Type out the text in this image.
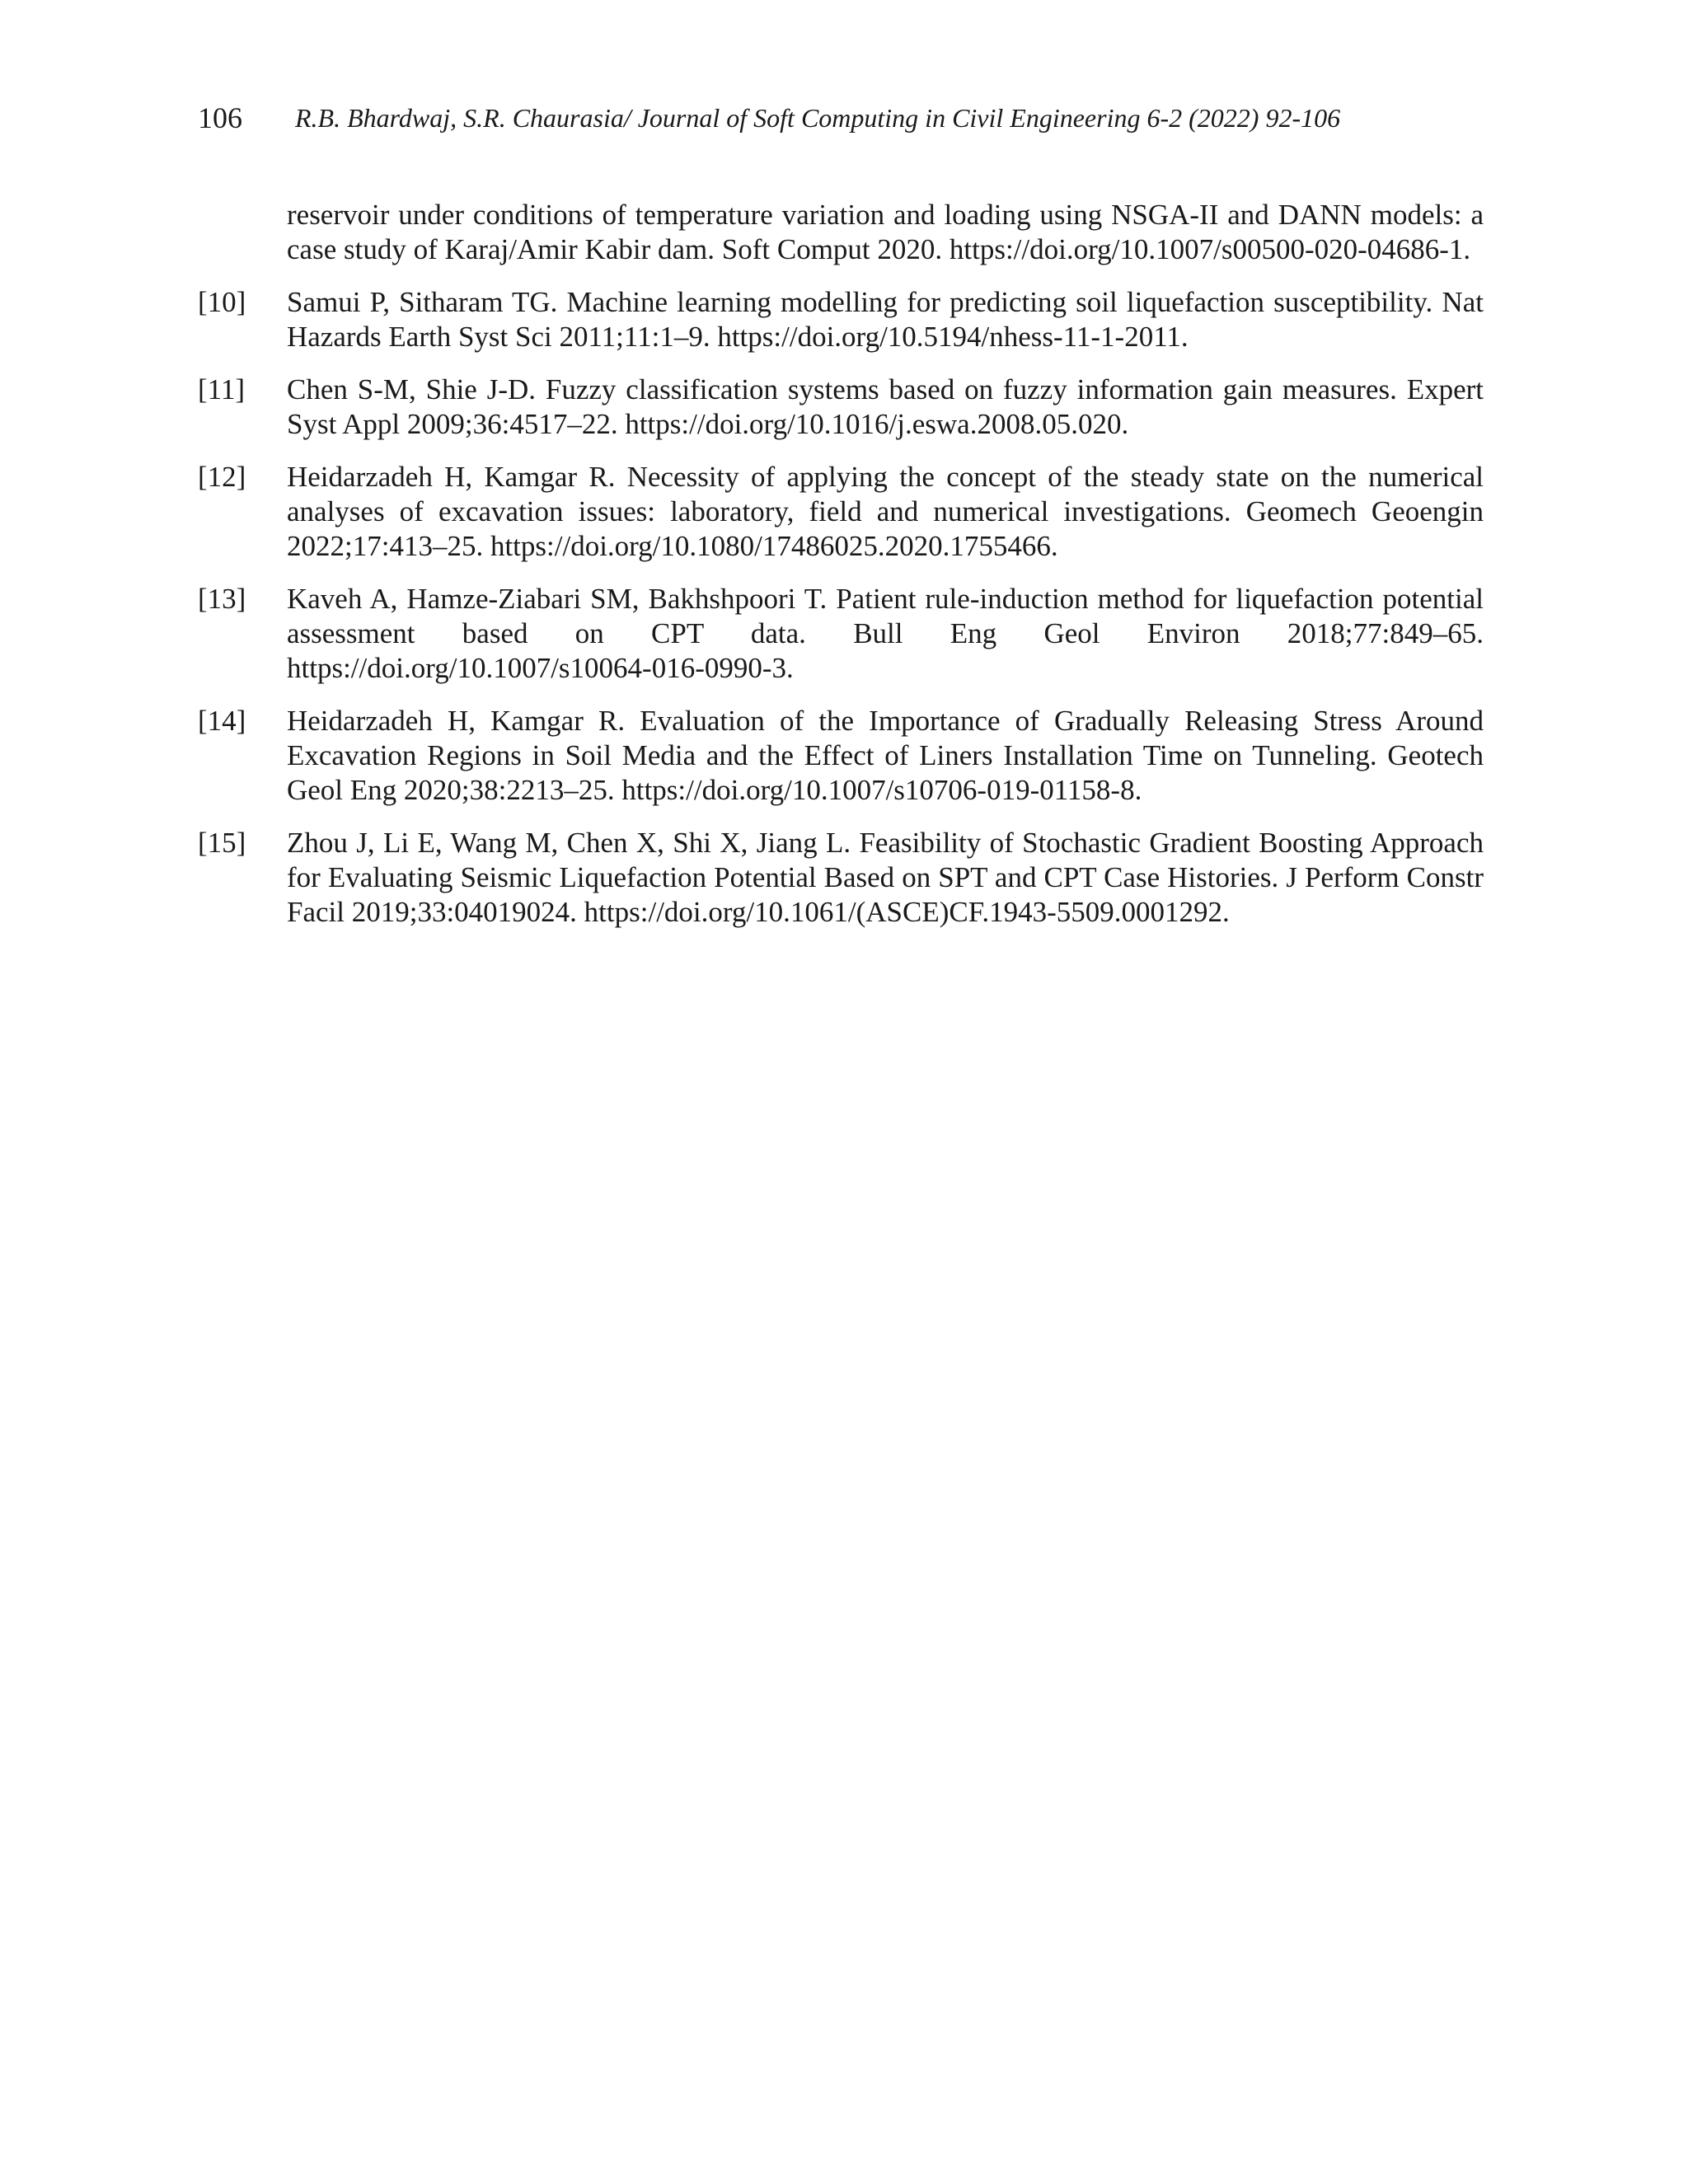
106 R.B. Bhardwaj, S.R. Chaurasia/ Journal of Soft Computing in Civil Engineering 6-2 (2022) 92-106
reservoir under conditions of temperature variation and loading using NSGA-II and DANN models: a case study of Karaj/Amir Kabir dam. Soft Comput 2020. https://doi.org/10.1007/s00500-020-04686-1.
[10] Samui P, Sitharam TG. Machine learning modelling for predicting soil liquefaction susceptibility. Nat Hazards Earth Syst Sci 2011;11:1–9. https://doi.org/10.5194/nhess-11-1-2011.
[11] Chen S-M, Shie J-D. Fuzzy classification systems based on fuzzy information gain measures. Expert Syst Appl 2009;36:4517–22. https://doi.org/10.1016/j.eswa.2008.05.020.
[12] Heidarzadeh H, Kamgar R. Necessity of applying the concept of the steady state on the numerical analyses of excavation issues: laboratory, field and numerical investigations. Geomech Geoengin 2022;17:413–25. https://doi.org/10.1080/17486025.2020.1755466.
[13] Kaveh A, Hamze-Ziabari SM, Bakhshpoori T. Patient rule-induction method for liquefaction potential assessment based on CPT data. Bull Eng Geol Environ 2018;77:849–65. https://doi.org/10.1007/s10064-016-0990-3.
[14] Heidarzadeh H, Kamgar R. Evaluation of the Importance of Gradually Releasing Stress Around Excavation Regions in Soil Media and the Effect of Liners Installation Time on Tunneling. Geotech Geol Eng 2020;38:2213–25. https://doi.org/10.1007/s10706-019-01158-8.
[15] Zhou J, Li E, Wang M, Chen X, Shi X, Jiang L. Feasibility of Stochastic Gradient Boosting Approach for Evaluating Seismic Liquefaction Potential Based on SPT and CPT Case Histories. J Perform Constr Facil 2019;33:04019024. https://doi.org/10.1061/(ASCE)CF.1943-5509.0001292.
